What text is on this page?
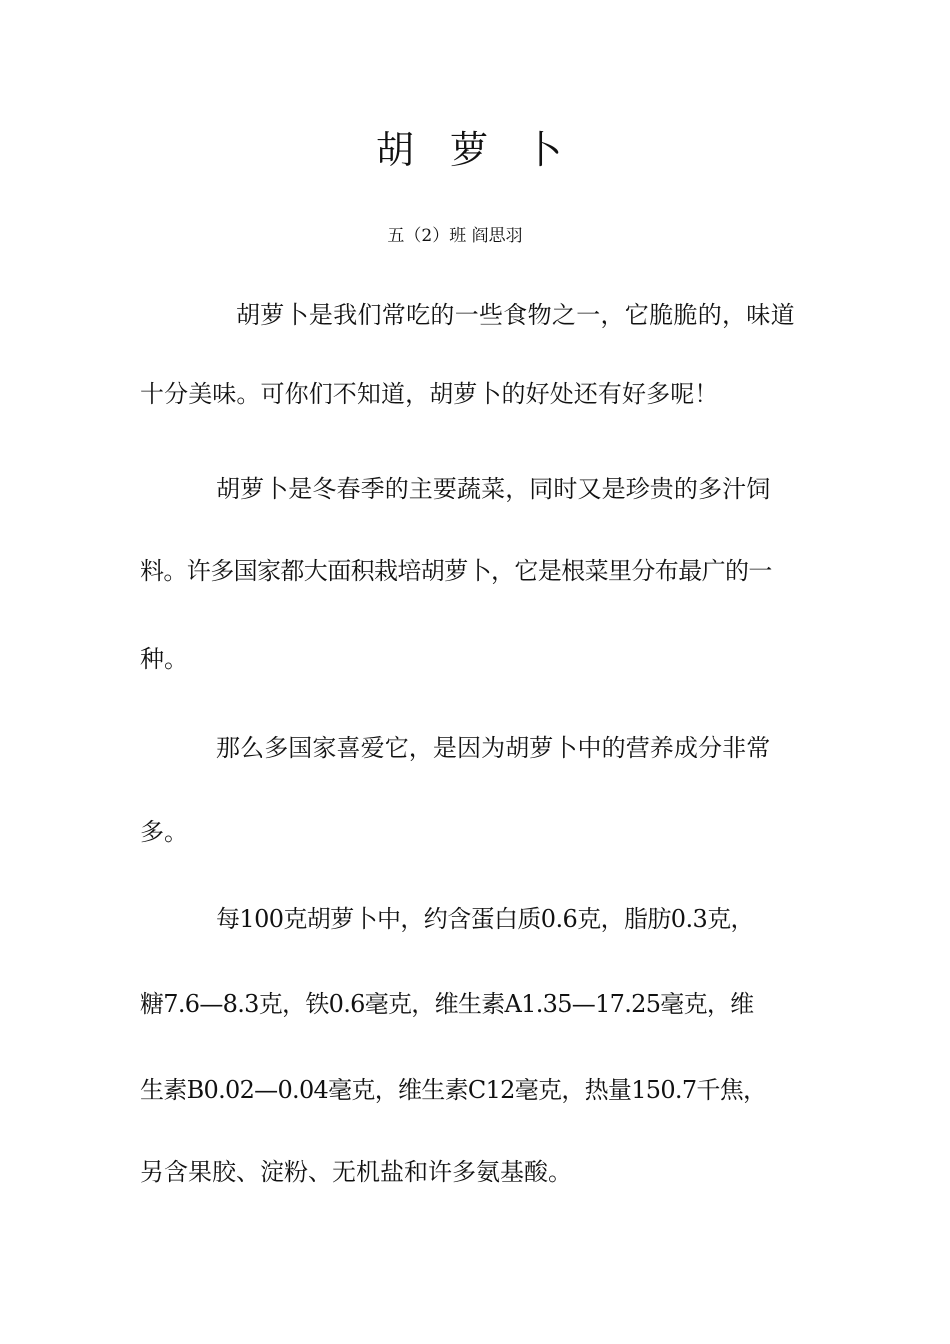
胡 萝 卜
五（2）班 阎思羽
胡萝卜是我们常吃的一些食物之一，它脆脆的，味道
十分美味。可你们不知道，胡萝卜的好处还有好多呢！
胡萝卜是冬春季的主要蔬菜，同时又是珍贵的多汁饲
料。许多国家都大面积栽培胡萝卜，它是根菜里分布最广的一
种。
那么多国家喜爱它，是因为胡萝卜中的营养成分非常
多。
每100克胡萝卜中，约含蛋白质0.6克，脂肪0.3克，
糖7.6—8.3克，铁0.6毫克，维生素A1.35—17.25毫克，维
生素B0.02—0.04毫克，维生素C12毫克，热量150.7千焦，
另含果胶、淀粉、无机盐和许多氨基酸。
